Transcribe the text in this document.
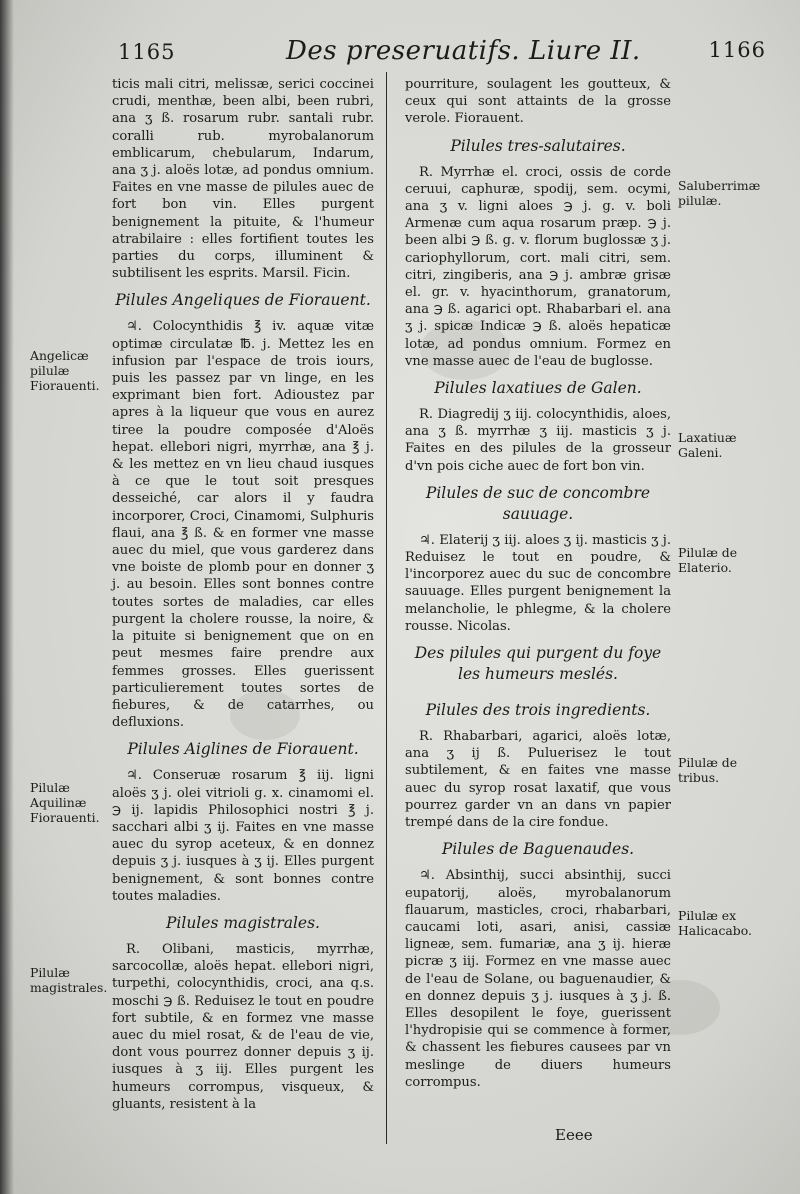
1165	Des preseruatifs. Liure II.	1166

ticis mali citri, melissæ, serici coccinei crudi, menthæ, been albi, been rubri, ana ʒ ß. rosarum rubr. santali rubr. coralli rub. myrobalanorum emblicarum, chebularum, Indarum, ana ʒ j. aloës lotæ, ad pondus omnium. Faites en vne masse de pilules auec de fort bon vin. Elles purgent benignement la pituite, & l'humeur atrabilaire : elles fortifient toutes les parties du corps, illuminent & subtilisent les esprits. Marsil. Ficin.

Pilules Angeliques de Fiorauent.

♃. Colocynthidis ℥ iv. aquæ vitæ optimæ circulatæ ℔. j. Mettez les en infusion par l'espace de trois iours, puis les passez par vn linge, en les exprimant bien fort. Adioustez par apres à la liqueur que vous en aurez tiree la poudre composée d'Aloës hepat. ellebori nigri, myrrhæ, ana ℥ j. & les mettez en vn lieu chaud iusques à ce que le tout soit presques desseiché, car alors il y faudra incorporer, Croci, Cinamomi, Sulphuris flaui, ana ℥ ß. & en former vne masse auec du miel, que vous garderez dans vne boiste de plomb pour en donner ʒ j. au besoin. Elles sont bonnes contre toutes sortes de maladies, car elles purgent la cholere rousse, la noire, & la pituite si benignement que on en peut mesmes faire prendre aux femmes grosses. Elles guerissent particulierement toutes sortes de fiebures, & de catarrhes, ou defluxions.

Pilules Aiglines de Fiorauent.

♃. Conseruæ rosarum ℥ iij. ligni aloës ʒ j. olei vitrioli g. x. cinamomi el. ℈ ij. lapidis Philosophici nostri ℥ j. sacchari albi ʒ ij. Faites en vne masse auec du syrop aceteux, & en donnez depuis ʒ j. iusques à ʒ ij. Elles purgent benignement, & sont bonnes contre toutes maladies.

Pilules magistrales.

R. Olibani, masticis, myrrhæ, sarcocollæ, aloës hepat. ellebori nigri, turpethi, colocynthidis, croci, ana q.s. moschi ℈ ß. Reduisez le tout en poudre fort subtile, & en formez vne masse auec du miel rosat, & de l'eau de vie, dont vous pourrez donner depuis ʒ ij. iusques à ʒ iij. Elles purgent les humeurs corrompus, visqueux, & gluants, resistent à la

pourriture, soulagent les goutteux, & ceux qui sont attaints de la grosse verole. Fiorauent.

Pilules tres-salutaires.

R. Myrrhæ el. croci, ossis de corde ceruui, caphuræ, spodij, sem. ocymi, ana ʒ v. ligni aloes ℈ j. g. v. boli Armenæ cum aqua rosarum præp. ℈ j. been albi ℈ ß. g. v. florum buglossæ ʒ j. cariophyllorum, cort. mali citri, sem. citri, zingiberis, ana ℈ j. ambræ grisæ el. gr. v. hyacinthorum, granatorum, ana ℈ ß. agarici opt. Rhabarbari el. ana ʒ j. spicæ Indicæ ℈ ß. aloës hepaticæ lotæ, ad pondus omnium. Formez en vne masse auec de l'eau de buglosse.

Pilules laxatiues de Galen.

R. Diagredij ʒ iij. colocynthidis, aloes, ana ʒ ß. myrrhæ ʒ iij. masticis ʒ j. Faites en des pilules de la grosseur d'vn pois ciche auec de fort bon vin.

Pilules de suc de concombre sauuage.

♃. Elaterij ʒ iij. aloes ʒ ij. masticis ʒ j. Reduisez le tout en poudre, & l'incorporez auec du suc de concombre sauuage. Elles purgent benignement la melancholie, le phlegme, & la cholere rousse. Nicolas.

Des pilules qui purgent du foye les humeurs meslés.
Pilules des trois ingredients.

R. Rhabarbari, agarici, aloës lotæ, ana ʒ ij ß. Puluerisez le tout subtilement, & en faites vne masse auec du syrop rosat laxatif, que vous pourrez garder vn an dans vn papier trempé dans de la cire fondue.

Pilules de Baguenaudes.

♃. Absinthij, succi absinthij, succi eupatorij, aloës, myrobalanorum flauarum, masticles, croci, rhabarbari, caucami loti, asari, anisi, cassiæ ligneæ, sem. fumariæ, ana ʒ ij. hieræ picræ ʒ iij. Formez en vne masse auec de l'eau de Solane, ou baguenaudier, & en donnez depuis ʒ j. iusques à ʒ j. ß. Elles desopilent le foye, guerissent l'hydropisie qui se commence à former, & chassent les fiebures causees par vn meslinge de diuers humeurs corrompus.

Angelicæ pilulæ Fiorauenti.
Pilulæ Aquilinæ Fiorauenti.
Pilulæ magistrales.
Saluberrimæ pilulæ.
Laxatiuæ Galeni.
Pilulæ de Elaterio.
Pilulæ de tribus.
Pilulæ ex Halicacabo.
Eeee
